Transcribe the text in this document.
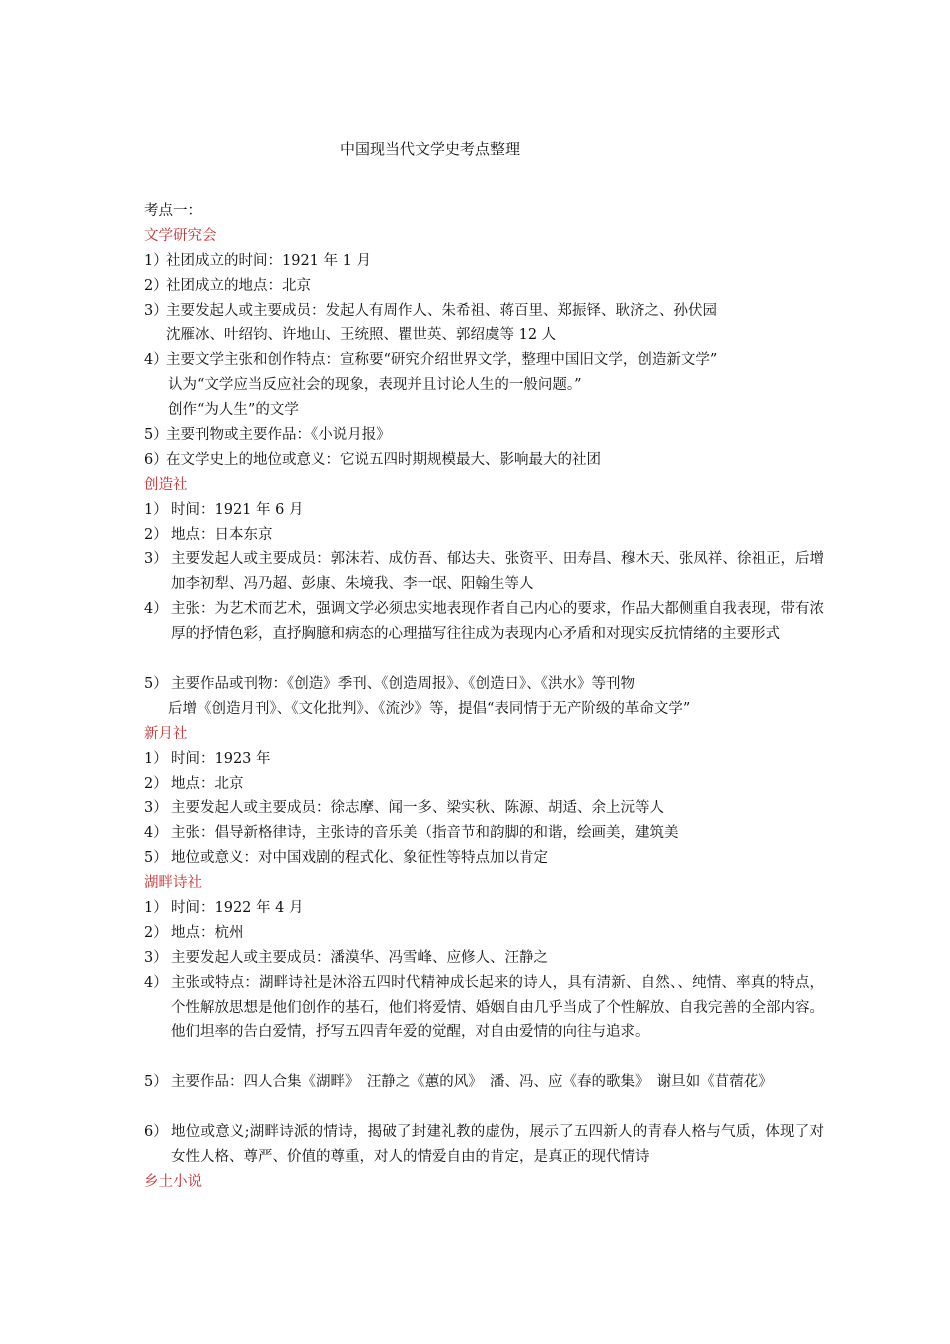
中国现当代文学史考点整理
考点一：
文学研究会
1）
社团成立的时间：1921 年 1 月
2）
社团成立的地点：北京
3）
主要发起人或主要成员：发起人有周作人、朱希祖、蒋百里、郑振铎、耿济之、孙伏园
沈雁冰、叶绍钧、许地山、王统照、瞿世英、郭绍虞等 12 人
4）
主要文学主张和创作特点：宣称要“研究介绍世界文学，整理中国旧文学，创造新文学”
认为“文学应当反应社会的现象，表现并且讨论人生的一般问题。”
创作“为人生”的文学
5）
主要刊物或主要作品：《小说月报》
6）
在文学史上的地位或意义：它说五四时期规模最大、影响最大的社团
创造社
1） 时间：1921 年 6 月
2） 地点：日本东京
3） 主要发起人或主要成员：郭沫若、成仿吾、郁达夫、张资平、田寿昌、穆木天、张凤祥、徐祖正，后增加李初犁、冯乃超、彭康、朱境我、李一氓、阳翰生等人
4） 主张：为艺术而艺术，强调文学必须忠实地表现作者自己内心的要求，作品大都侧重自我表现，带有浓厚的抒情色彩，直抒胸臆和病态的心理描写往往成为表现内心矛盾和对现实反抗情绪的主要形式
5） 主要作品或刊物：《创造》季刊、《创造周报》、《创造日》、《洪水》等刊物
后增《创造月刊》、《文化批判》、《流沙》等，提倡“表同情于无产阶级的革命文学”
新月社
1） 时间：1923 年
2） 地点：北京
3） 主要发起人或主要成员：徐志摩、闻一多、梁实秋、陈源、胡适、余上沅等人
4） 主张：倡导新格律诗，主张诗的音乐美（指音节和韵脚的和谐，绘画美，建筑美
5） 地位或意义：对中国戏剧的程式化、象征性等特点加以肯定
湖畔诗社
1） 时间：1922 年 4 月
2） 地点：杭州
3） 主要发起人或主要成员：潘漠华、冯雪峰、应修人、汪静之
4） 主张或特点：湖畔诗社是沐浴五四时代精神成长起来的诗人，具有清新、自然、、纯情、率真的特点，个性解放思想是他们创作的基石，他们将爱情、婚姻自由几乎当成了个性解放、自我完善的全部内容。他们坦率的告白爱情，抒写五四青年爱的觉醒，对自由爱情的向往与追求。
5） 主要作品：四人合集《湖畔》　汪静之《蕙的风》　潘、冯、应《春的歌集》　谢旦如《苜蓿花》
6） 地位或意义;湖畔诗派的情诗，揭破了封建礼教的虚伪，展示了五四新人的青春人格与气质，体现了对女性人格、尊严、价值的尊重，对人的情爱自由的肯定，是真正的现代情诗
乡土小说
